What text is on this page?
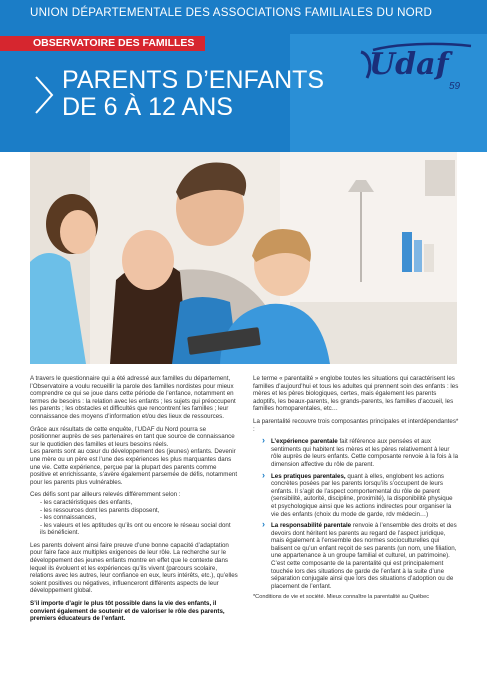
UNION DÉPARTEMENTALE DES ASSOCIATIONS FAMILIALES DU NORD
OBSERVATOIRE DES FAMILLES
PARENTS D’ENFANTS
DE 6 À 12 ANS
Udaf
59

A travers le questionnaire qui a été adressé aux familles du département, l’Observatoire a voulu recueillir la parole des familles nordistes pour mieux comprendre ce qui se joue dans cette période de l’enfance, notamment en termes de besoins : la relation avec les enfants ; les sujets qui préoccupent les parents ; les obstacles et difficultés que rencontrent les familles ; leur connaissance des moyens d’information et/ou des lieux de ressources.

Grâce aux résultats de cette enquête, l’UDAF du Nord pourra se positionner auprès de ses partenaires en tant que source de connaissance sur le quotidien des familles et leurs besoins réels.

Les parents sont au cœur du développement des (jeunes) enfants. Devenir une mère ou un père est l’une des expériences les plus marquantes dans une vie. Cette expérience, perçue par la plupart des parents comme positive et enrichissante, s’avère également parsemée de défis, notamment pour les parents plus vulnérables.

Ces défis sont par ailleurs relevés différemment selon :

- les caractéristiques des enfants,
- les ressources dont les parents disposent,
- les connaissances,
- les valeurs et les aptitudes qu’ils ont ou encore le réseau social dont ils bénéficient.

Les parents doivent ainsi faire preuve d’une bonne capacité d’adaptation pour faire face aux multiples exigences de leur rôle. La recherche sur le développement des jeunes enfants montre en effet que le contexte dans lequel ils évoluent et les expériences qu’ils vivent (parcours scolaire, relations avec les autres, leur confiance en eux, leurs intérêts, etc.), qu’elles soient positives ou négatives, influenceront différents aspects de leur développement global.

S’il importe d’agir le plus tôt possible dans la vie des enfants, il convient également de soutenir et de valoriser le rôle des parents, premiers éducateurs de l’enfant.

Le terme « parentalité » englobe toutes les situations qui caractérisent les familles d’aujourd’hui et tous les adultes qui prennent soin des enfants : les mères et les pères biologiques, certes, mais également les parents adoptifs, les beaux-parents, les grands-parents, les familles d’accueil, les familles homoparentales, etc…

La parentalité recouvre trois composantes principales et interdépendantes* :

› L’expérience parentale fait référence aux pensées et aux sentiments qui habitent les mères et les pères relativement à leur rôle auprès de leurs enfants. Cette composante renvoie à la fois à la dimension affective du rôle de parent.
› Les pratiques parentales, quant à elles, englobent les actions concrètes posées par les parents lorsqu’ils s’occupent de leurs enfants. Il s’agit de l’aspect comportemental du rôle de parent (sensibilité, autorité, discipline, proximité), la disponibilité physique et psychologique ainsi que les actions indirectes pour organiser la vie des enfants (choix du mode de garde, rdv médecin…)
› La responsabilité parentale renvoie à l’ensemble des droits et des devoirs dont héritent les parents au regard de l’aspect juridique, mais également à l’ensemble des normes socioculturelles qui balisent ce qu’un enfant reçoit de ses parents (un nom, une filiation, une appartenance à un groupe familial et culturel, un patrimoine). C’est cette composante de la parentalité qui est principalement touchée lors des situations de garde de l’enfant à la suite d’une séparation conjugale ainsi que lors des situations d’adoption ou de placement de l’enfant.

*Conditions de vie et société. Mieux connaître la parentalité au Québec
